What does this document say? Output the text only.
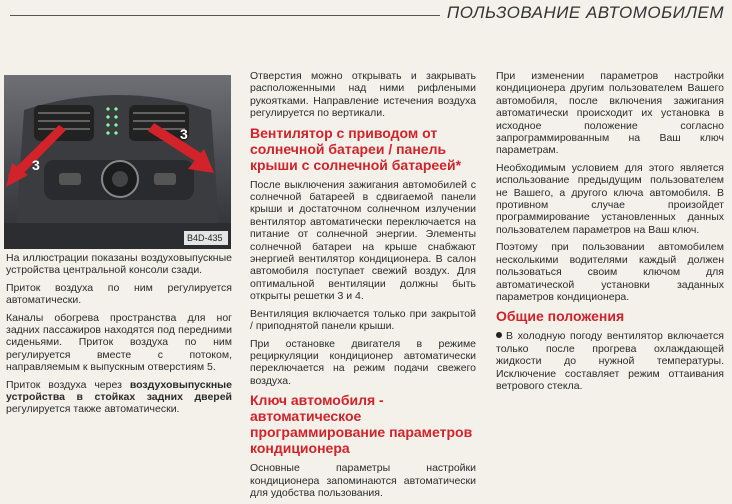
ПОЛЬЗОВАНИЕ АВТОМОБИЛЕМ
3
3
B4D-435

На иллюстрации показаны воздуховыпускные устройства центральной консоли сзади.

Приток воздуха по ним регулируется автоматически.

Каналы обогрева пространства для ног задних пассажиров находятся под передними сиденьями. Приток воздуха по ним регулируется вместе с потоком, направляемым к выпускным отверстиям 5.

Приток воздуха через воздуховыпускные устройства в стойках задних дверей регулируется также автоматически.

Отверстия можно открывать и закрывать расположенными над ними рифлеными рукоятками. Направление истечения воздуха регулируется по вертикали.

Вентилятор с приводом от солнечной батареи / панель крыши с солнечной батареей*

После выключения зажигания автомобилей с солнечной батареей в сдвигаемой панели крыши и достаточном солнечном излучении вентилятор автоматически переключается на питание от солнечной энергии. Элементы солнечной батареи на крыше снабжают энергией вентилятор кондиционера. В салон автомобиля поступает свежий воздух. Для оптимальной вентиляции должны быть открыты решетки 3 и 4.

Вентиляция включается только при закрытой / приподнятой панели крыши.

При остановке двигателя в режиме рециркуляции кондиционер автоматически переключается на режим подачи свежего воздуха.

Ключ автомобиля - автоматическое программирование параметров кондиционера

Основные параметры настройки кондиционера запоминаются автоматически для удобства пользования.

При изменении параметров настройки кондиционера другим пользователем Вашего автомобиля, после включения зажигания автоматически происходит их установка в исходное положение согласно запрограммированным на Ваш ключ параметрам.

Необходимым условием для этого является использование предыдущим пользователем не Вашего, а другого ключа автомобиля. В противном случае произойдет программирование установленных данных пользователем параметров на Ваш ключ.

Поэтому при пользовании автомобилем несколькими водителями каждый должен пользоваться своим ключом для автоматической установки заданных параметров кондиционера.

Общие положения

В холодную погоду вентилятор включается только после прогрева охлаждающей жидкости до нужной температуры. Исключение составляет режим оттаивания ветрового стекла.
